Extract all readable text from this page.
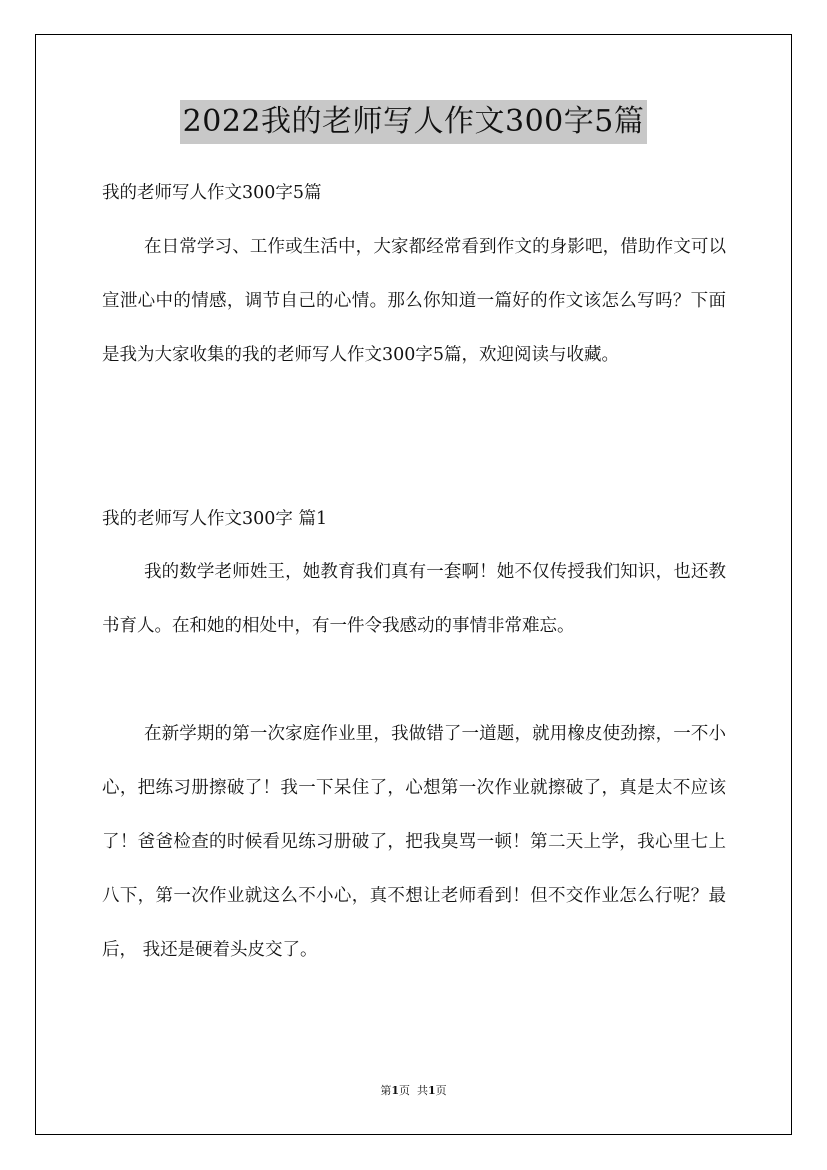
2022我的老师写人作文300字5篇

我的老师写人作文300字5篇

在日常学习、工作或生活中，大家都经常看到作文的身影吧，借助作文可以宣泄心中的情感，调节自己的心情。那么你知道一篇好的作文该怎么写吗？下面是我为大家收集的我的老师写人作文300字5篇，欢迎阅读与收藏。

我的老师写人作文300字 篇1

我的数学老师姓王，她教育我们真有一套啊！她不仅传授我们知识，也还教书育人。在和她的相处中，有一件令我感动的事情非常难忘。

在新学期的第一次家庭作业里，我做错了一道题，就用橡皮使劲擦，一不小心，把练习册擦破了！我一下呆住了，心想第一次作业就擦破了，真是太不应该 了！爸爸检查的时候看见练习册破了，把我臭骂一顿！第二天上学，我心里七上八下，第一次作业就这么不小心，真不想让老师看到！但不交作业怎么行呢？最后， 我还是硬着头皮交了。

第1页  共1页
